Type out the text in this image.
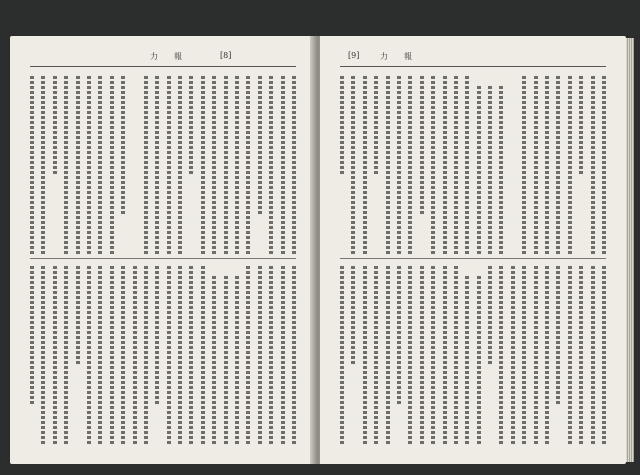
力　　報	[8]	[9]	力　　報
